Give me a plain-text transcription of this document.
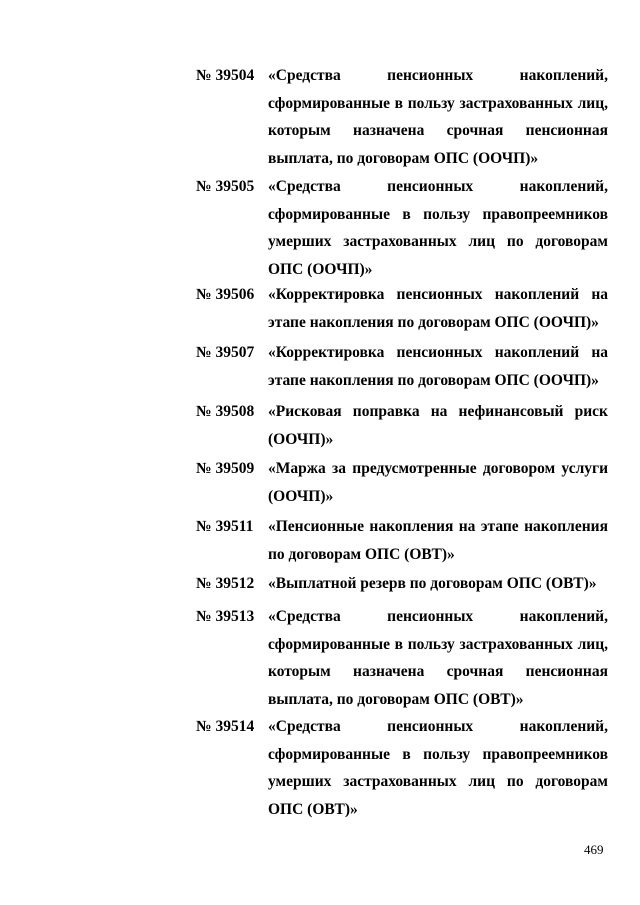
№ 39504 «Средства пенсионных накоплений, сформированные в пользу застрахованных лиц, которым назначена срочная пенсионная выплата, по договорам ОПС (ООЧП)»
№ 39505 «Средства пенсионных накоплений, сформированные в пользу правопреемников умерших застрахованных лиц по договорам ОПС (ООЧП)»
№ 39506 «Корректировка пенсионных накоплений на этапе накопления по договорам ОПС (ООЧП)»
№ 39507 «Корректировка пенсионных накоплений на этапе накопления по договорам ОПС (ООЧП)»
№ 39508 «Рисковая поправка на нефинансовый риск (ООЧП)»
№ 39509 «Маржа за предусмотренные договором услуги (ООЧП)»
№ 39511 «Пенсионные накопления на этапе накопления по договорам ОПС (ОВТ)»
№ 39512 «Выплатной резерв по договорам ОПС (ОВТ)»
№ 39513 «Средства пенсионных накоплений, сформированные в пользу застрахованных лиц, которым назначена срочная пенсионная выплата, по договорам ОПС (ОВТ)»
№ 39514 «Средства пенсионных накоплений, сформированные в пользу правопреемников умерших застрахованных лиц по договорам ОПС (ОВТ)»
469
